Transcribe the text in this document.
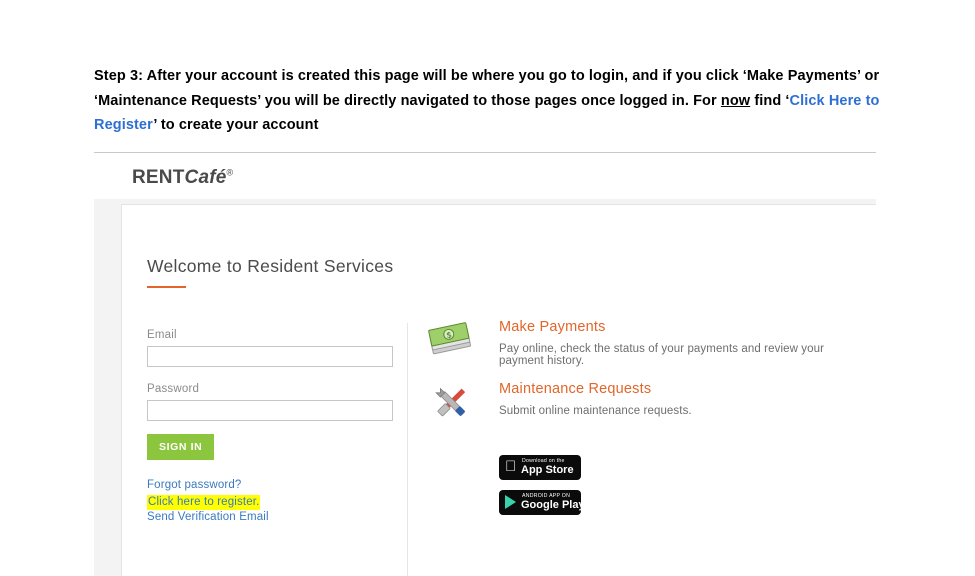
Step 3: After your account is created this page will be where you go to login, and if you click ‘Make Payments’ or ‘Maintenance Requests’ you will be directly navigated to those pages once logged in. For now find ‘Click Here to Register’ to create your account
RENTCafé®
Welcome to Resident Services
Email
Password
SIGN IN
Forgot password?
Click here to register.
Send Verification Email
$
Make Payments

Pay online, check the status of your payments and review your payment history.

Maintenance Requests

Submit online maintenance requests.

Download on the
App Store
ANDROID APP ON
Google Play
